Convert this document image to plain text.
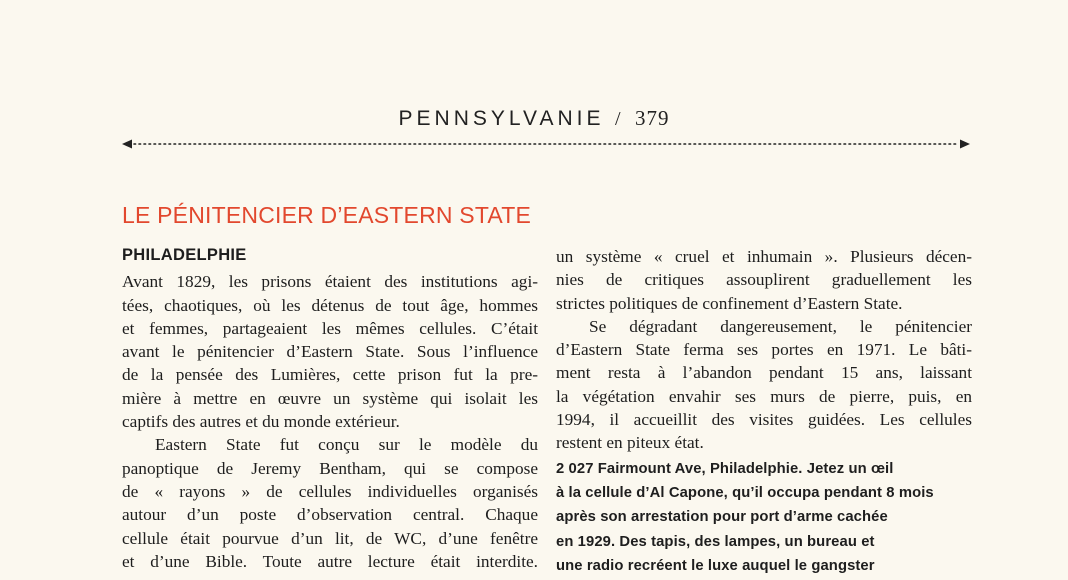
PENNSYLVANIE / 379
LE PÉNITENCIER D’EASTERN STATE
PHILADELPHIE
Avant 1829, les prisons étaient des institutions agi-
tées, chaotiques, où les détenus de tout âge, hommes
et femmes, partageaient les mêmes cellules. C’était
avant le pénitencier d’Eastern State. Sous l’influence
de la pensée des Lumières, cette prison fut la pre-
mière à mettre en œuvre un système qui isolait les
captifs des autres et du monde extérieur.
Eastern State fut conçu sur le modèle du
panoptique de Jeremy Bentham, qui se compose
de « rayons » de cellules individuelles organisés
autour d’un poste d’observation central. Chaque
cellule était pourvue d’un lit, de WC, d’une fenêtre
et d’une Bible. Toute autre lecture était interdite.
un système « cruel et inhumain ». Plusieurs décen-
nies de critiques assouplirent graduellement les
strictes politiques de confinement d’Eastern State.
Se dégradant dangereusement, le pénitencier
d’Eastern State ferma ses portes en 1971. Le bâti-
ment resta à l’abandon pendant 15 ans, laissant
la végétation envahir ses murs de pierre, puis, en
1994, il accueillit des visites guidées. Les cellules
restent en piteux état.
2 027 Fairmount Ave, Philadelphie. Jetez un œil
à la cellule d’Al Capone, qu’il occupa pendant 8 mois
après son arrestation pour port d’arme cachée
en 1929. Des tapis, des lampes, un bureau et
une radio recréent le luxe auquel le gangster
